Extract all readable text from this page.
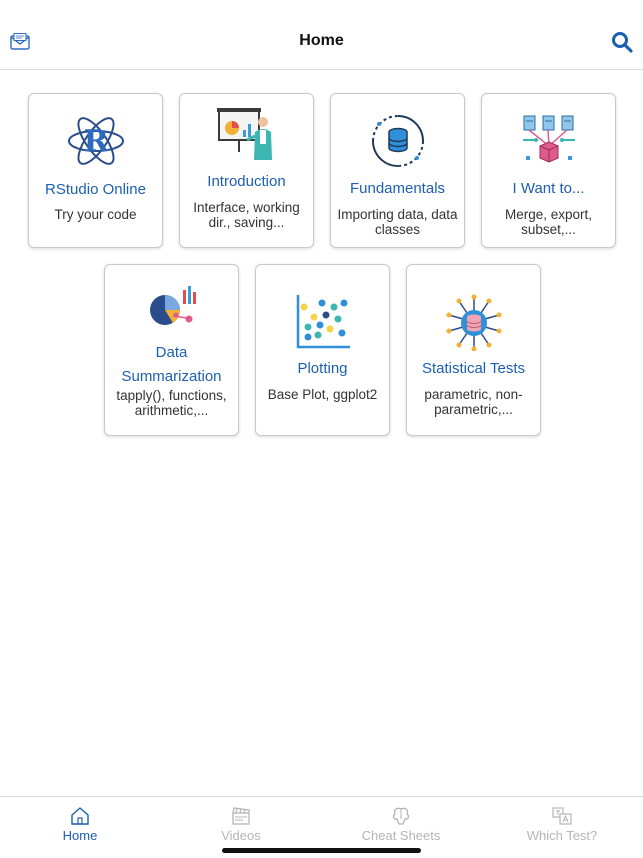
Home
R
RStudio Online
Try your code
Introduction
Interface, working dir., saving...
Fundamentals
Importing data, data classes
I Want to...
Merge, export, subset,...
Data Summarization
tapply(), functions, arithmetic,...
Plotting
Base Plot, ggplot2
Statistical Tests
parametric, non-parametric,...
Home	Videos	Cheat Sheets	Which Test?
